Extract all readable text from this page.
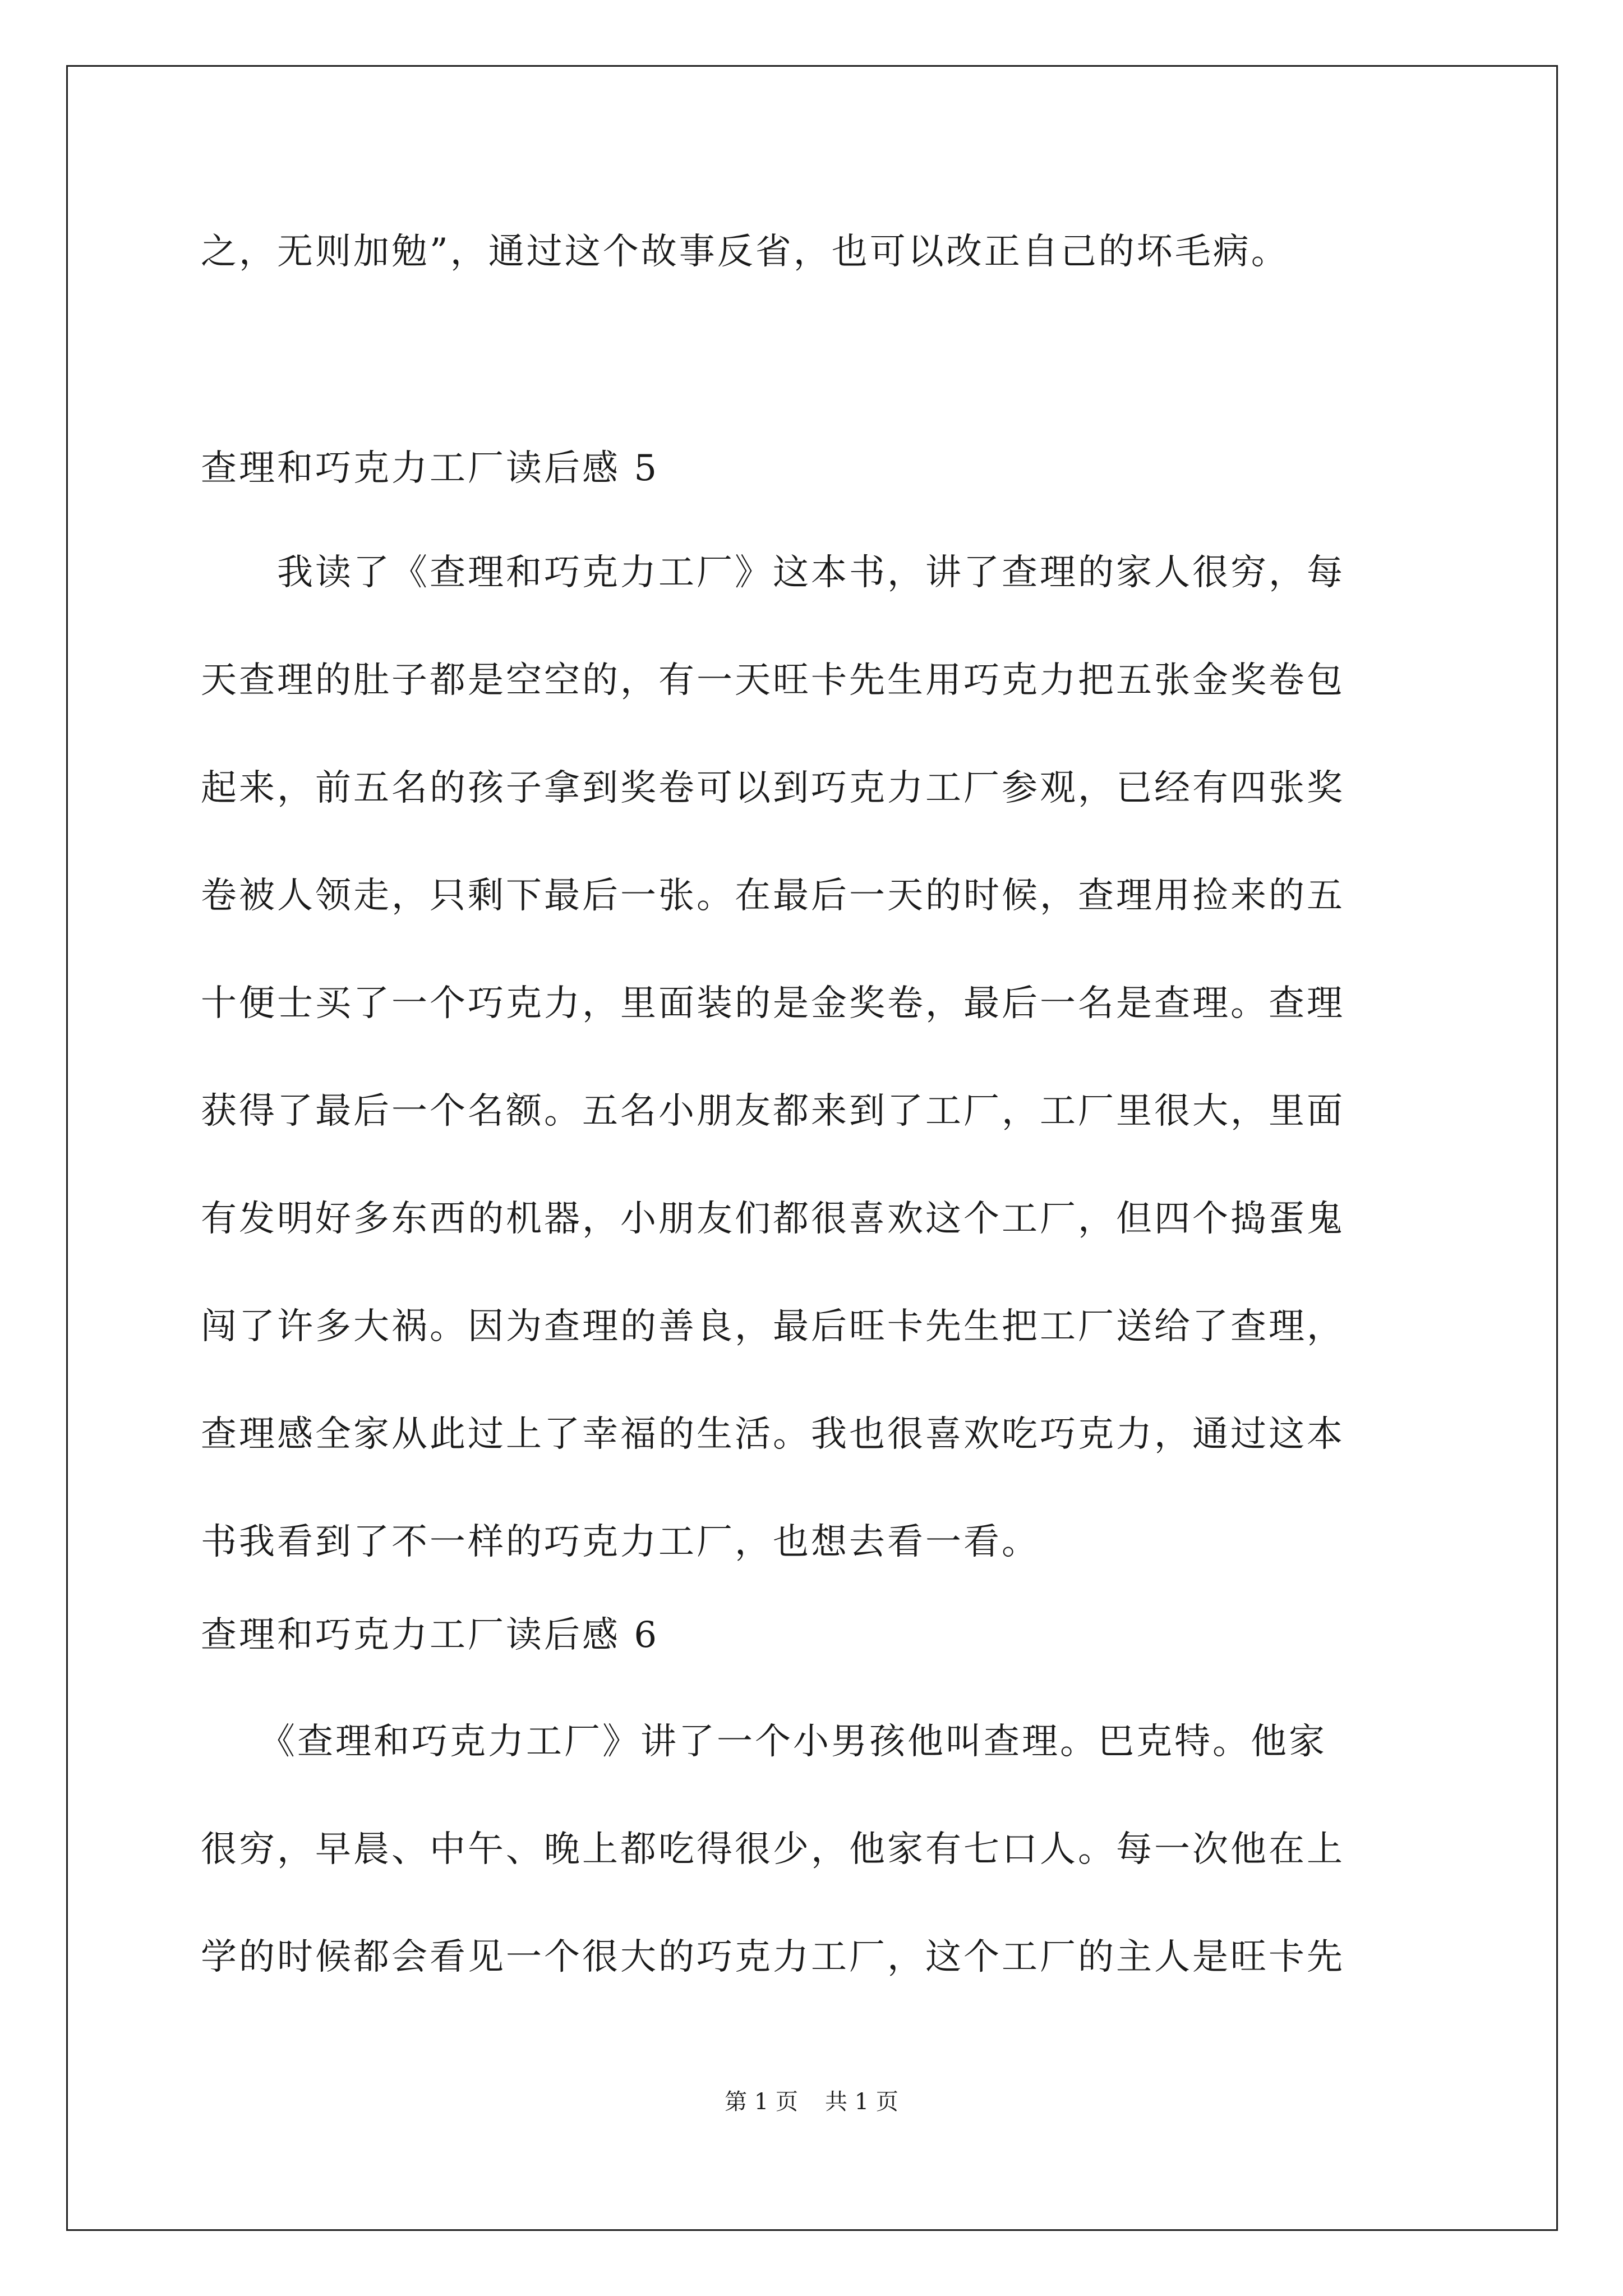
之，无则加勉”，通过这个故事反省，也可以改正自己的坏毛病。
查理和巧克力工厂读后感 5
　　我读了《查理和巧克力工厂》这本书，讲了查理的家人很穷，每
天查理的肚子都是空空的，有一天旺卡先生用巧克力把五张金奖卷包
起来，前五名的孩子拿到奖卷可以到巧克力工厂参观，已经有四张奖
卷被人领走，只剩下最后一张。在最后一天的时候，查理用捡来的五
十便士买了一个巧克力，里面装的是金奖卷，最后一名是查理。查理
获得了最后一个名额。五名小朋友都来到了工厂，工厂里很大，里面
有发明好多东西的机器，小朋友们都很喜欢这个工厂，但四个捣蛋鬼
闯了许多大祸。因为查理的善良，最后旺卡先生把工厂送给了查理，
查理感全家从此过上了幸福的生活。我也很喜欢吃巧克力，通过这本
书我看到了不一样的巧克力工厂，也想去看一看。
查理和巧克力工厂读后感 6
　　《查理和巧克力工厂》讲了一个小男孩他叫查理。巴克特。他家
很穷，早晨、中午、晚上都吃得很少，他家有七口人。每一次他在上
学的时候都会看见一个很大的巧克力工厂，这个工厂的主人是旺卡先
第 1 页 共 1 页
